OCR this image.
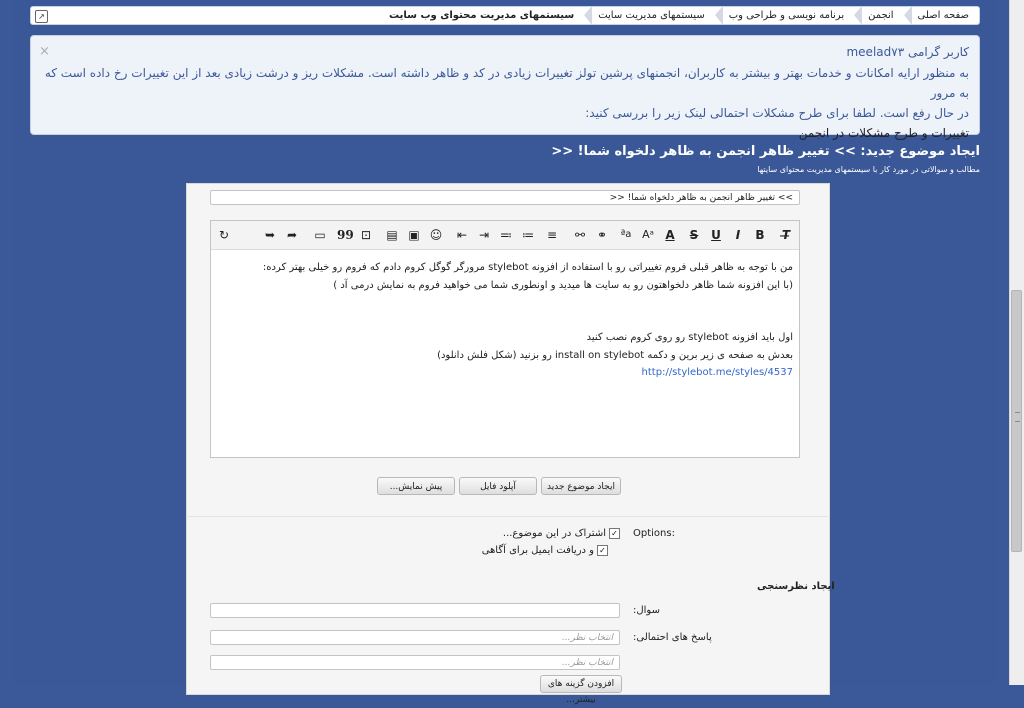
صفحه اصلی
انجمن
برنامه نویسی و طراحی وب
سیستمهای مدیریت سایت
سیستمهای مدیریت محتوای وب سایت
↗
×	کاربر گرامی meelad۷۳
به منظور ارایه امکانات و خدمات بهتر و بیشتر به کاربران، انجمنهای پرشین تولز تغییرات زیادی در کد و ظاهر داشته است. مشکلات ریز و درشت زیادی بعد از این تغییرات رخ داده است که به مرور
در حال رفع است. لطفا برای طرح مشکلات احتمالی لینک زیر را بررسی کنید:
تغییرات و طرح مشکلات در انجمن
ایجاد موضوع جدید: >> تغییر ظاهر انجمن به ظاهر دلخواه شما! <<
مطالب و سوالاتی در مورد کار با سیستمهای مدیریت محتوای سایتها
>> تغییر ظاهر انجمن به ظاهر دلخواه شما! <<
T̶
B
I
U
S
A
Aᵃ
ªa
⚭
⚯
≡
≔
≕
⇥
⇤
☺
▣
▤
⊡
99
▭
➦
➥
↻
من با توجه به ظاهر قبلی فروم تغییراتی رو با استفاده از افزونه stylebot مرورگر گوگل کروم دادم که فروم رو خیلی بهتر کرده:
(با این افزونه شما ظاهر دلخواهتون رو به سایت ها میدید و اونطوری شما می خواهید فروم به نمایش درمی آد )
اول باید افزونه stylebot رو روی کروم نصب کنید
بعدش به صفحه ی زیر برین و دکمه install on stylebot رو بزنید (شکل فلش دانلود)
http://stylebot.me/styles/4537
ایجاد موضوع جدید
آپلود فایل
پیش نمایش...
Options:
✓
اشتراک در این موضوع...
✓
و دریافت ایمیل برای آگاهی
ایجاد نظرسنجی
سوال:
پاسخ های احتمالی:
انتخاب نظر...
انتخاب نظر...
افزودن گزینه های بیشتر...
